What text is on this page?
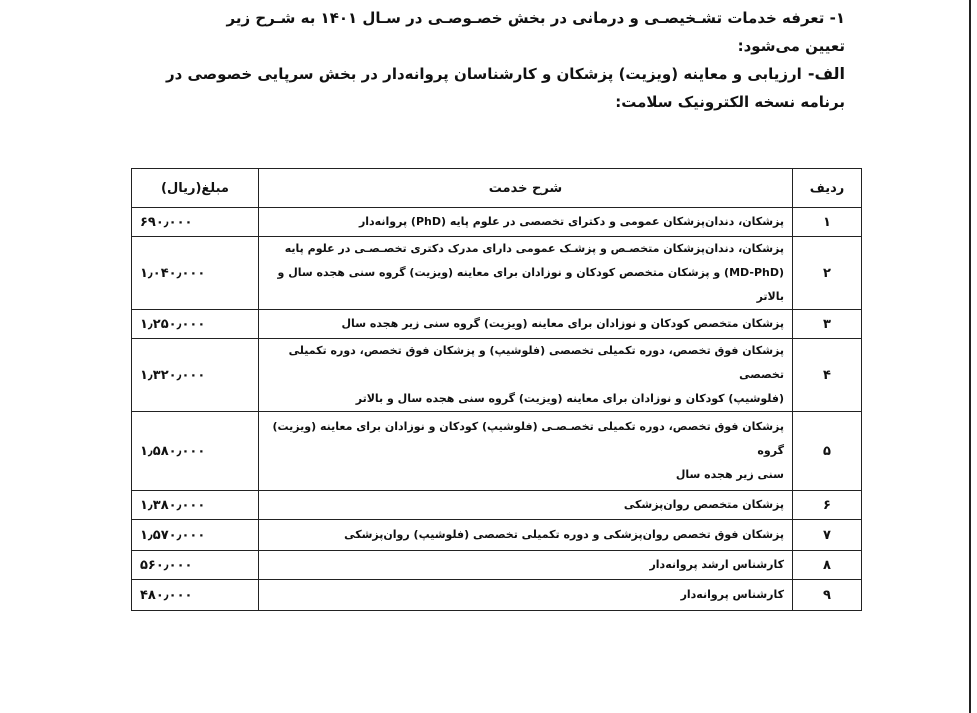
۱- تعرفه خدمات تشـخیصـی و درمانی در بخش خصـوصـی در سـال ۱۴۰۱ به شـرح زیر
تعیین می‌شود:
الف-ارزیابی و معاینه (ویزیت) پزشکان و کارشناسان پروانه‌دار در بخش سرپایی خصوصی در
برنامه نسخه الکترونیک سلامت:
ردیف	شرح خدمت	مبلغ(ریال)
۱	پزشکان، دندان‌پزشکان عمومی و دکترای تخصصی در علوم پایه (PhD) پروانه‌دار	۶۹۰٫۰۰۰
۲	پزشکان، دندان‌پزشکان متخصـص و پزشـک عمومی دارای مدرک دکتری تخصـصـی در علوم پایه
(MD-PhD) و پزشکان متخصص کودکان و نوزادان برای معاینه (ویزیت) گروه سنی هجده سال و بالاتر	۱٫۰۴۰٫۰۰۰
۳	پزشکان متخصص کودکان و نوزادان برای معاینه (ویزیت) گروه سنی زیر هجده سال	۱٫۲۵۰٫۰۰۰
۴	پزشکان فوق تخصص، دوره تکمیلی تخصصی (فلوشیپ) و پزشکان فوق تخصص، دوره تکمیلی تخصصی
(فلوشیپ) کودکان و نوزادان برای معاینه (ویزیت) گروه سنی هجده سال و بالاتر	۱٫۳۲۰٫۰۰۰
۵	پزشکان فوق تخصص، دوره تکمیلی تخصـصـی (فلوشیپ) کودکان و نوزادان برای معاینه (ویزیت) گروه
سنی زیر هجده سال	۱٫۵۸۰٫۰۰۰
۶	پزشکان متخصص روان‌پزشکی	۱٫۳۸۰٫۰۰۰
۷	پزشکان فوق تخصص روان‌پزشکی و دوره تکمیلی تخصصی (فلوشیپ) روان‌پزشکی	۱٫۵۷۰٫۰۰۰
۸	کارشناس ارشد پروانه‌دار	۵۶۰٫۰۰۰
۹	کارشناس پروانه‌دار	۴۸۰٫۰۰۰
